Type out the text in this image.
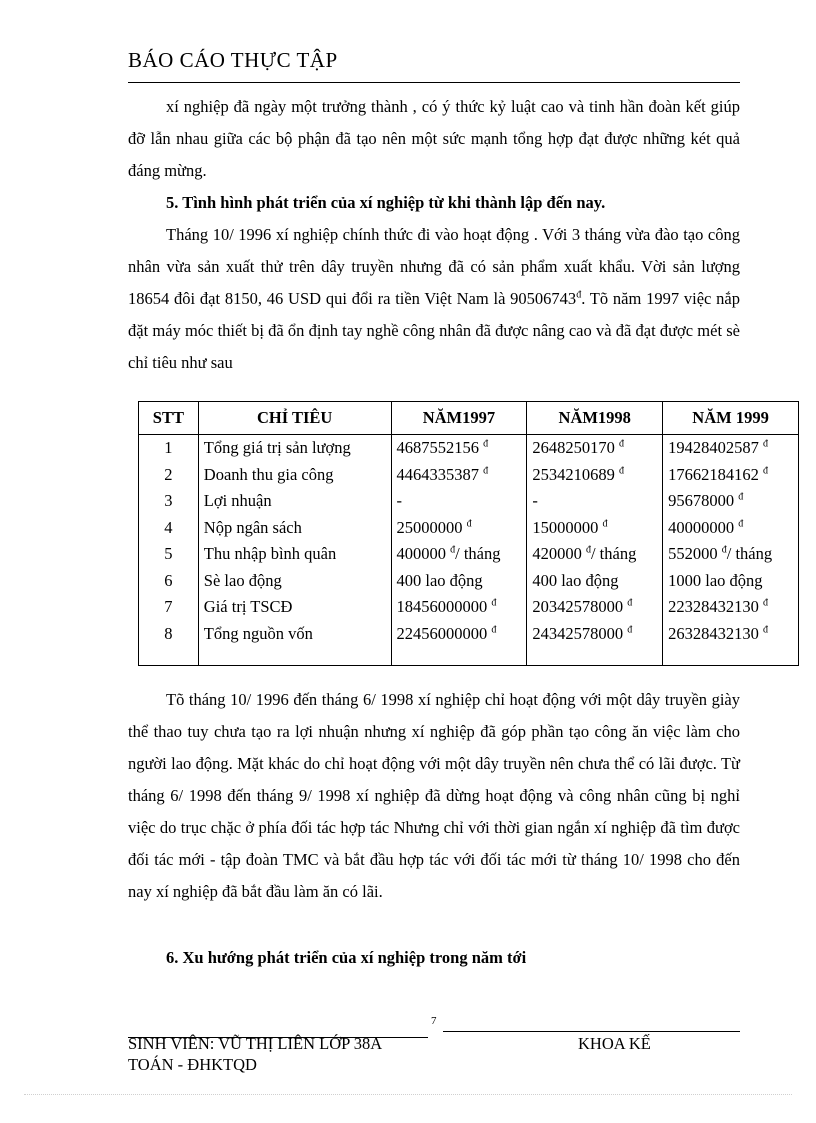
BÁO CÁO THỰC TẬP

xí nghiệp đã ngày một trưởng thành , có ý thức kỷ luật cao và tinh hần đoàn kết giúp đỡ lẫn nhau giữa các bộ phận đã tạo nên một sức mạnh tổng hợp đạt được những két quả đáng mừng.

5. Tình hình phát triển của xí nghiệp từ khi thành lập đến nay.

Tháng 10/ 1996 xí nghiệp chính thức đi vào hoạt động . Với 3 tháng vừa đào tạo công nhân vừa sản xuất thử trên dây truyền nhưng đã có sản phẩm xuất khẩu. Vời sản lượng 18654 đôi đạt 8150, 46 USD qui đổi ra tiền Việt Nam là $90506743^đ$. Tõ năm 1997 việc nắp đặt máy móc thiết bị đã ổn định tay nghề công nhân đã được nâng cao và đã đạt được mét sè chỉ tiêu như sau

STT	CHỈ TIÊU	NĂM1997	NĂM1998	NĂM 1999
1	Tổng giá trị sản lượng	4687552156 $^đ$	2648250170 $^đ$	19428402587 $^đ$
2	Doanh thu gia công	4464335387 $^đ$	2534210689 $^đ$	17662184162 $^đ$
3	Lợi nhuận	-	-	95678000 $^đ$
4	Nộp ngân sách	25000000 $^đ$	15000000 $^đ$	40000000 $^đ$
5	Thu nhập bình quân	400000 $^đ$/ tháng	420000 $^đ$/ tháng	552000 $^đ$/ tháng
6	Sè lao động	400 lao động	400 lao động	1000 lao động
7	Giá trị TSCĐ	18456000000 $^đ$	20342578000 $^đ$	22328432130 $^đ$
8	Tổng nguồn vốn	22456000000 $^đ$	24342578000 $^đ$	26328432130 $^đ$

Tõ tháng 10/ 1996 đến tháng 6/ 1998 xí nghiệp chỉ hoạt động với một dây truyền giày thể thao tuy chưa tạo ra lợi nhuận nhưng xí nghiệp đã góp phần tạo công ăn việc làm cho người lao động. Mặt khác do chỉ hoạt động với một dây truyền nên chưa thể có lãi được. Từ tháng 6/ 1998 đến tháng 9/ 1998 xí nghiệp đã dừng hoạt động và công nhân cũng bị nghỉ việc do trục chặc ở phía đối tác hợp tác Nhưng chỉ với thời gian ngắn xí nghiệp đã tìm được đối tác mới - tập đoàn TMC và bắt đầu hợp tác với đối tác mới từ tháng 10/ 1998 cho đến nay xí nghiệp đã bắt đầu làm ăn có lãi.

6. Xu hướng phát triển của xí nghiệp trong năm tới

7
SINH VIÊN: VŨ THỊ LIÊN LỚP 38A
TOÁN - ĐHKTQD
KHOA KẾ
